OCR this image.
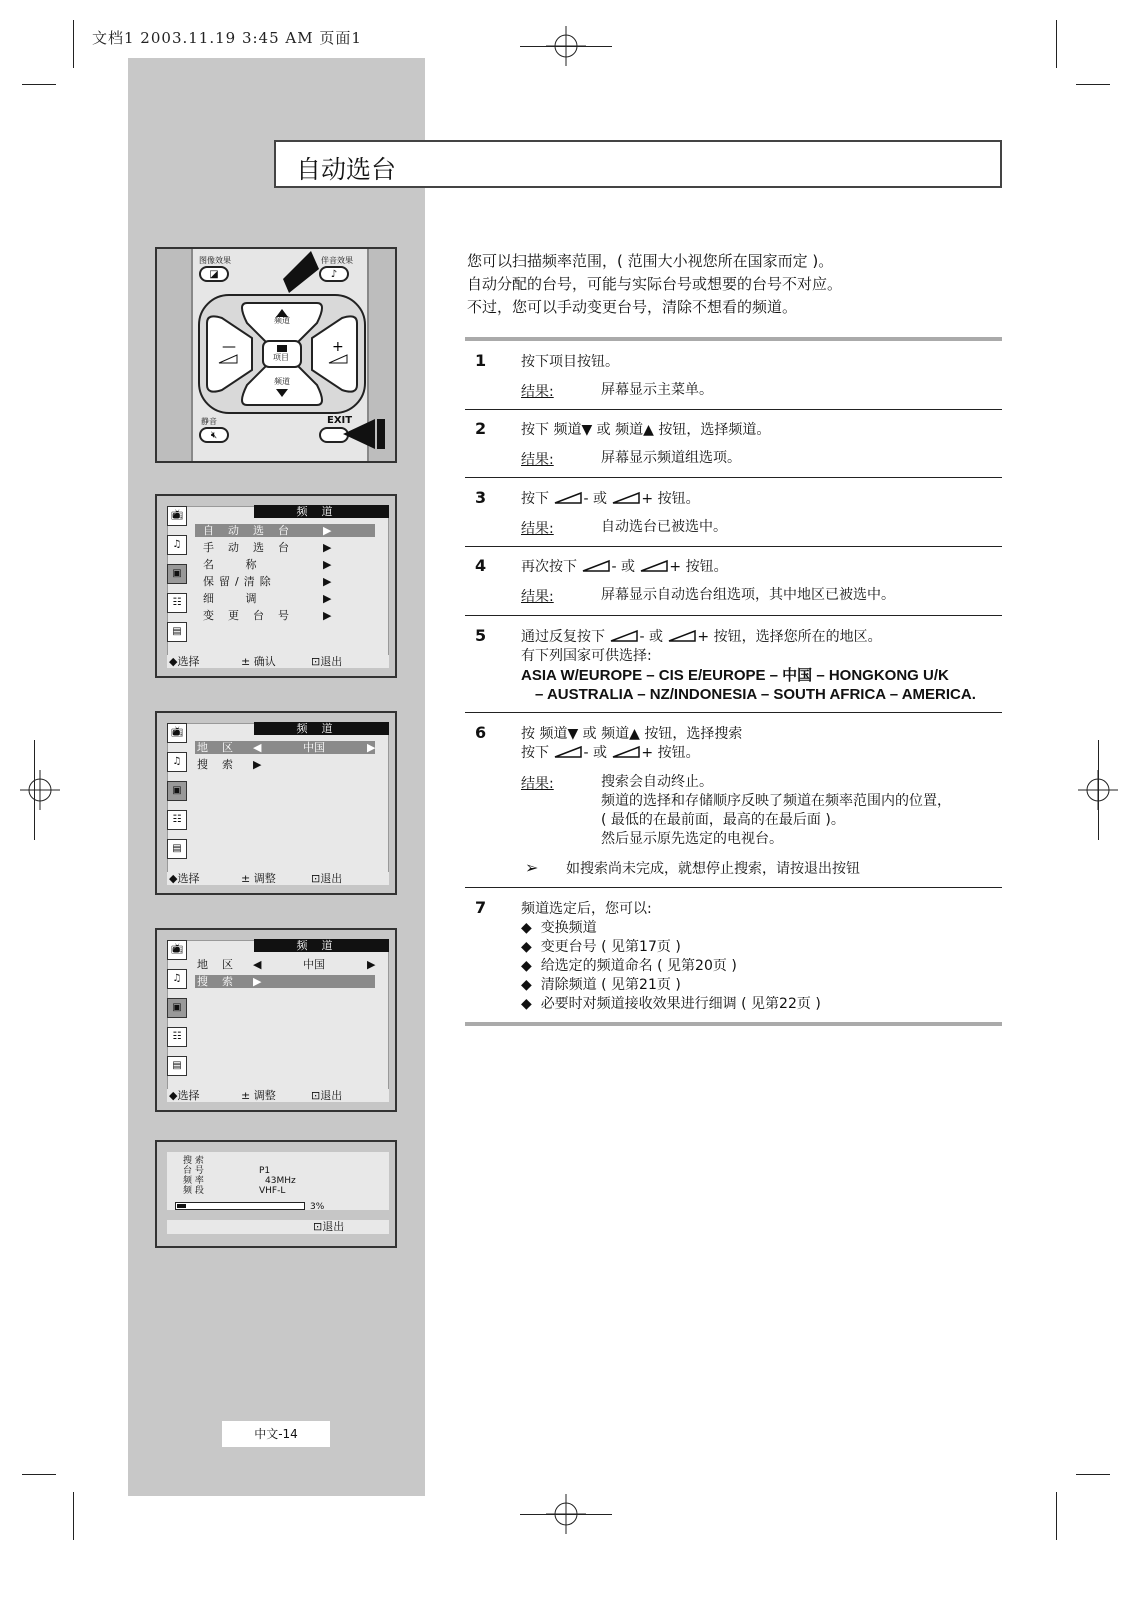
文档1 2003.11.19 3:45 AM 页面1
自动选台
图像效果
◪
伴音效果
♪
—	+
频道
项目
频道
静音
🔇︎
EXIT
📺︎
♫
▣
☷
▤
频道
自动选台 ▶
手动选台 ▶
名 称	▶
保留/清除	▶
细 调	▶
变更台号 ▶
◆选择	± 确认	⊡退出
📺︎
♫
▣
☷
▤
频道
地区 ◀	中国	▶
搜索 ▶
◆选择	± 调整	⊡退出
📺︎
♫
▣
☷
▤
频道
地区 ◀	中国	▶
搜索 ▶
◆选择	± 调整	⊡退出
搜 索
台 号	P1
频 率	43MHz
频 段	VHF-L
3%
⊡退出
中文-14
您可以扫描频率范围，( 范围大小视您所在国家而定 )。
自动分配的台号，可能与实际台号或想要的台号不对应。
不过，您可以手动变更台号，清除不想看的频道。
1 按下项目按钮。
结果:	屏幕显示主菜单。
2 按下 频道▼ 或 频道▲ 按钮，选择频道。
结果:	屏幕显示频道组选项。
3 按下 - 或 + 按钮。
结果:	自动选台已被选中。
4 再次按下 - 或 + 按钮。
结果:	屏幕显示自动选台组选项，其中地区已被选中。
5 通过反复按下 - 或 + 按钮，选择您所在的地区。
有下列国家可供选择:
ASIA W/EUROPE – CIS E/EUROPE – 中国 – HONGKONG U/K
– AUSTRALIA – NZ/INDONESIA – SOUTH AFRICA – AMERICA.
6 按 频道▼ 或 频道▲ 按钮，选择搜索
按下 - 或 + 按钮。
结果:	搜索会自动终止。
频道的选择和存储顺序反映了频道在频率范围内的位置，
( 最低的在最前面，最高的在最后面 )。
然后显示原先选定的电视台。
➢ 如搜索尚未完成，就想停止搜索，请按退出按钮
7 频道选定后，您可以:
◆ 变换频道
◆ 变更台号 ( 见第17页 )
◆ 给选定的频道命名 ( 见第20页 )
◆ 清除频道 ( 见第21页 )
◆ 必要时对频道接收效果进行细调 ( 见第22页 )
